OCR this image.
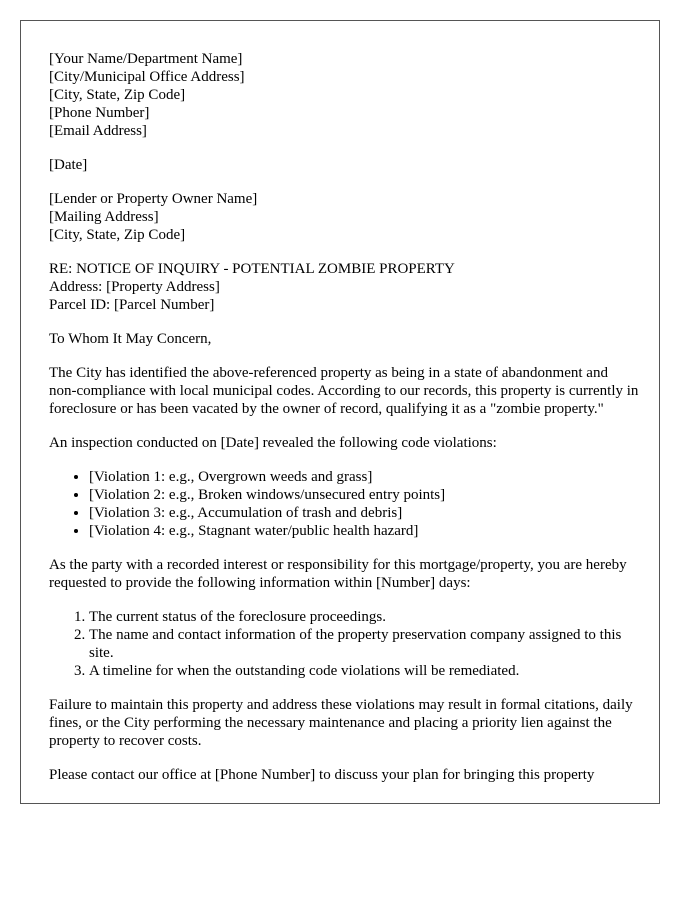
[Your Name/Department Name]
[City/Municipal Office Address]
[City, State, Zip Code]
[Phone Number]
[Email Address]
[Date]
[Lender or Property Owner Name]
[Mailing Address]
[City, State, Zip Code]
RE: NOTICE OF INQUIRY - POTENTIAL ZOMBIE PROPERTY
Address: [Property Address]
Parcel ID: [Parcel Number]

To Whom It May Concern,

The City has identified the above-referenced property as being in a state of abandonment and non-compliance with local municipal codes. According to our records, this property is currently in foreclosure or has been vacated by the owner of record, qualifying it as a "zombie property."

An inspection conducted on [Date] revealed the following code violations:

• [Violation 1: e.g., Overgrown weeds and grass]
• [Violation 2: e.g., Broken windows/unsecured entry points]
• [Violation 3: e.g., Accumulation of trash and debris]
• [Violation 4: e.g., Stagnant water/public health hazard]

As the party with a recorded interest or responsibility for this mortgage/property, you are hereby requested to provide the following information within [Number] days:

1. The current status of the foreclosure proceedings.
2. The name and contact information of the property preservation company assigned to this site.
3. A timeline for when the outstanding code violations will be remediated.

Failure to maintain this property and address these violations may result in formal citations, daily fines, or the City performing the necessary maintenance and placing a priority lien against the property to recover costs.

Please contact our office at [Phone Number] to discuss your plan for bringing this property
